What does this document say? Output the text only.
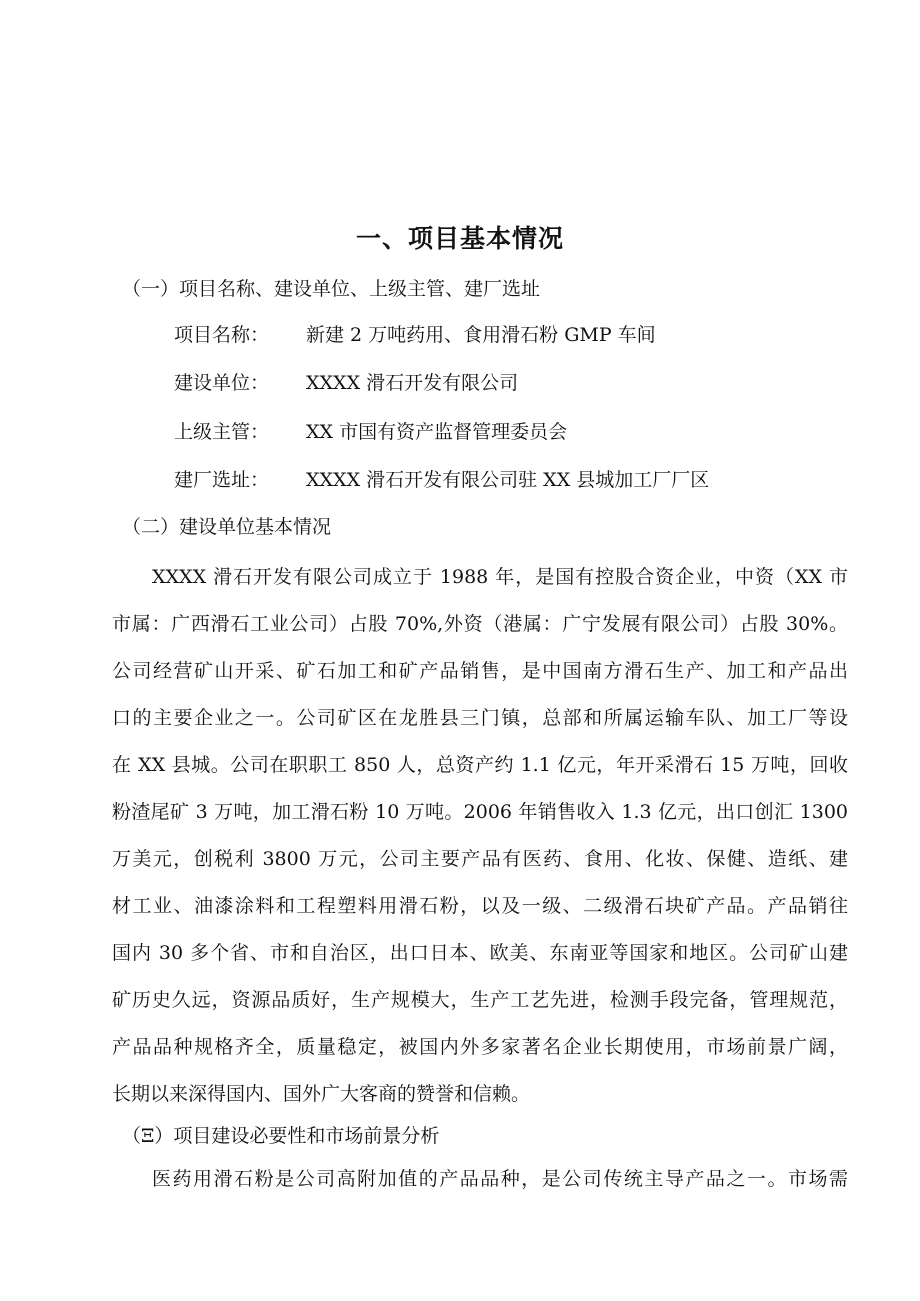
一、项目基本情况
（一）项目名称、建设单位、上级主管、建厂选址
项目名称： 新建 2 万吨药用、食用滑石粉 GMP 车间
建设单位： XXXX 滑石开发有限公司
上级主管： XX 市国有资产监督管理委员会
建厂选址： XXXX 滑石开发有限公司驻 XX 县城加工厂厂区
（二）建设单位基本情况
XXXX 滑石开发有限公司成立于 1988 年，是国有控股合资企业，中资（XX 市
市属：广西滑石工业公司）占股 70%,外资（港属：广宁发展有限公司）占股 30%。
公司经营矿山开采、矿石加工和矿产品销售，是中国南方滑石生产、加工和产品出
口的主要企业之一。公司矿区在龙胜县三门镇，总部和所属运输车队、加工厂等设
在 XX 县城。公司在职职工 850 人，总资产约 1.1 亿元，年开采滑石 15 万吨，回收
粉渣尾矿 3 万吨，加工滑石粉 10 万吨。2006 年销售收入 1.3 亿元，出口创汇 1300
万美元，创税利 3800 万元，公司主要产品有医药、食用、化妆、保健、造纸、建
材工业、油漆涂料和工程塑料用滑石粉，以及一级、二级滑石块矿产品。产品销往
国内 30 多个省、市和自治区，出口日本、欧美、东南亚等国家和地区。公司矿山建
矿历史久远，资源品质好，生产规模大，生产工艺先进，检测手段完备，管理规范，
产品品种规格齐全，质量稳定，被国内外多家著名企业长期使用，市场前景广阔，
长期以来深得国内、国外广大客商的赞誉和信赖。
（Ξ）项目建设必要性和市场前景分析
医药用滑石粉是公司高附加值的产品品种，是公司传统主导产品之一。市场需
